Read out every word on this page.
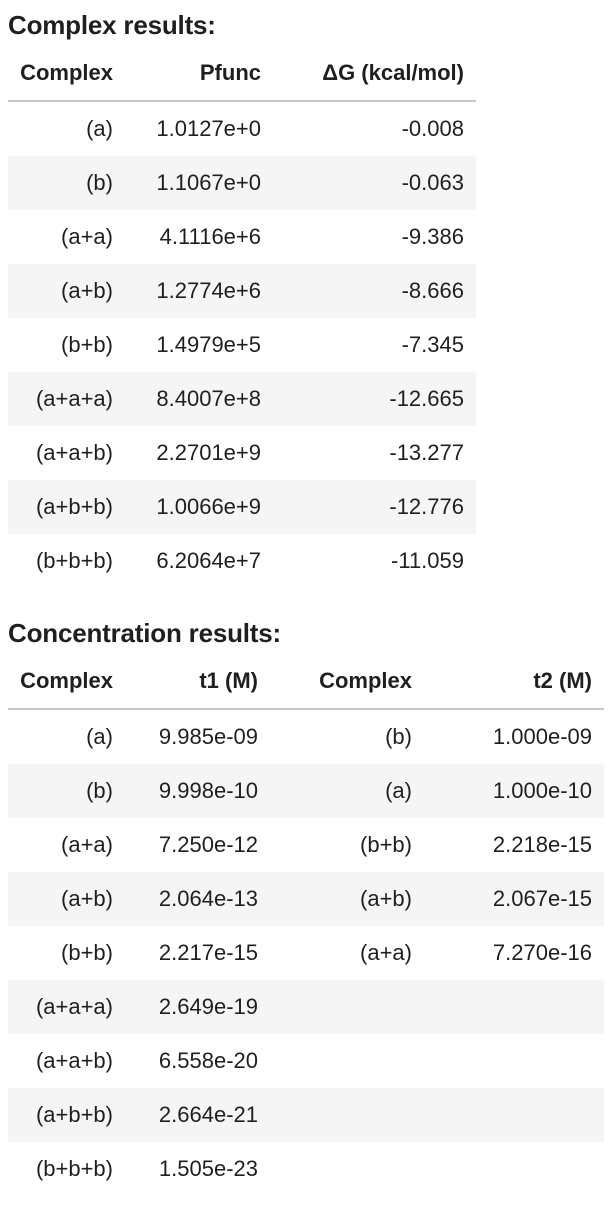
Complex results:
Complex	Pfunc	ΔG (kcal/mol)
(a)	1.0127e+0	-0.008
(b)	1.1067e+0	-0.063
(a+a)	4.1116e+6	-9.386
(a+b)	1.2774e+6	-8.666
(b+b)	1.4979e+5	-7.345
(a+a+a)	8.4007e+8	-12.665
(a+a+b)	2.2701e+9	-13.277
(a+b+b)	1.0066e+9	-12.776
(b+b+b)	6.2064e+7	-11.059
Concentration results:
Complex	t1 (M)	Complex	t2 (M)
(a)	9.985e-09	(b)	1.000e-09
(b)	9.998e-10	(a)	1.000e-10
(a+a)	7.250e-12	(b+b)	2.218e-15
(a+b)	2.064e-13	(a+b)	2.067e-15
(b+b)	2.217e-15	(a+a)	7.270e-16
(a+a+a)	2.649e-19		
(a+a+b)	6.558e-20		
(a+b+b)	2.664e-21		
(b+b+b)	1.505e-23		
